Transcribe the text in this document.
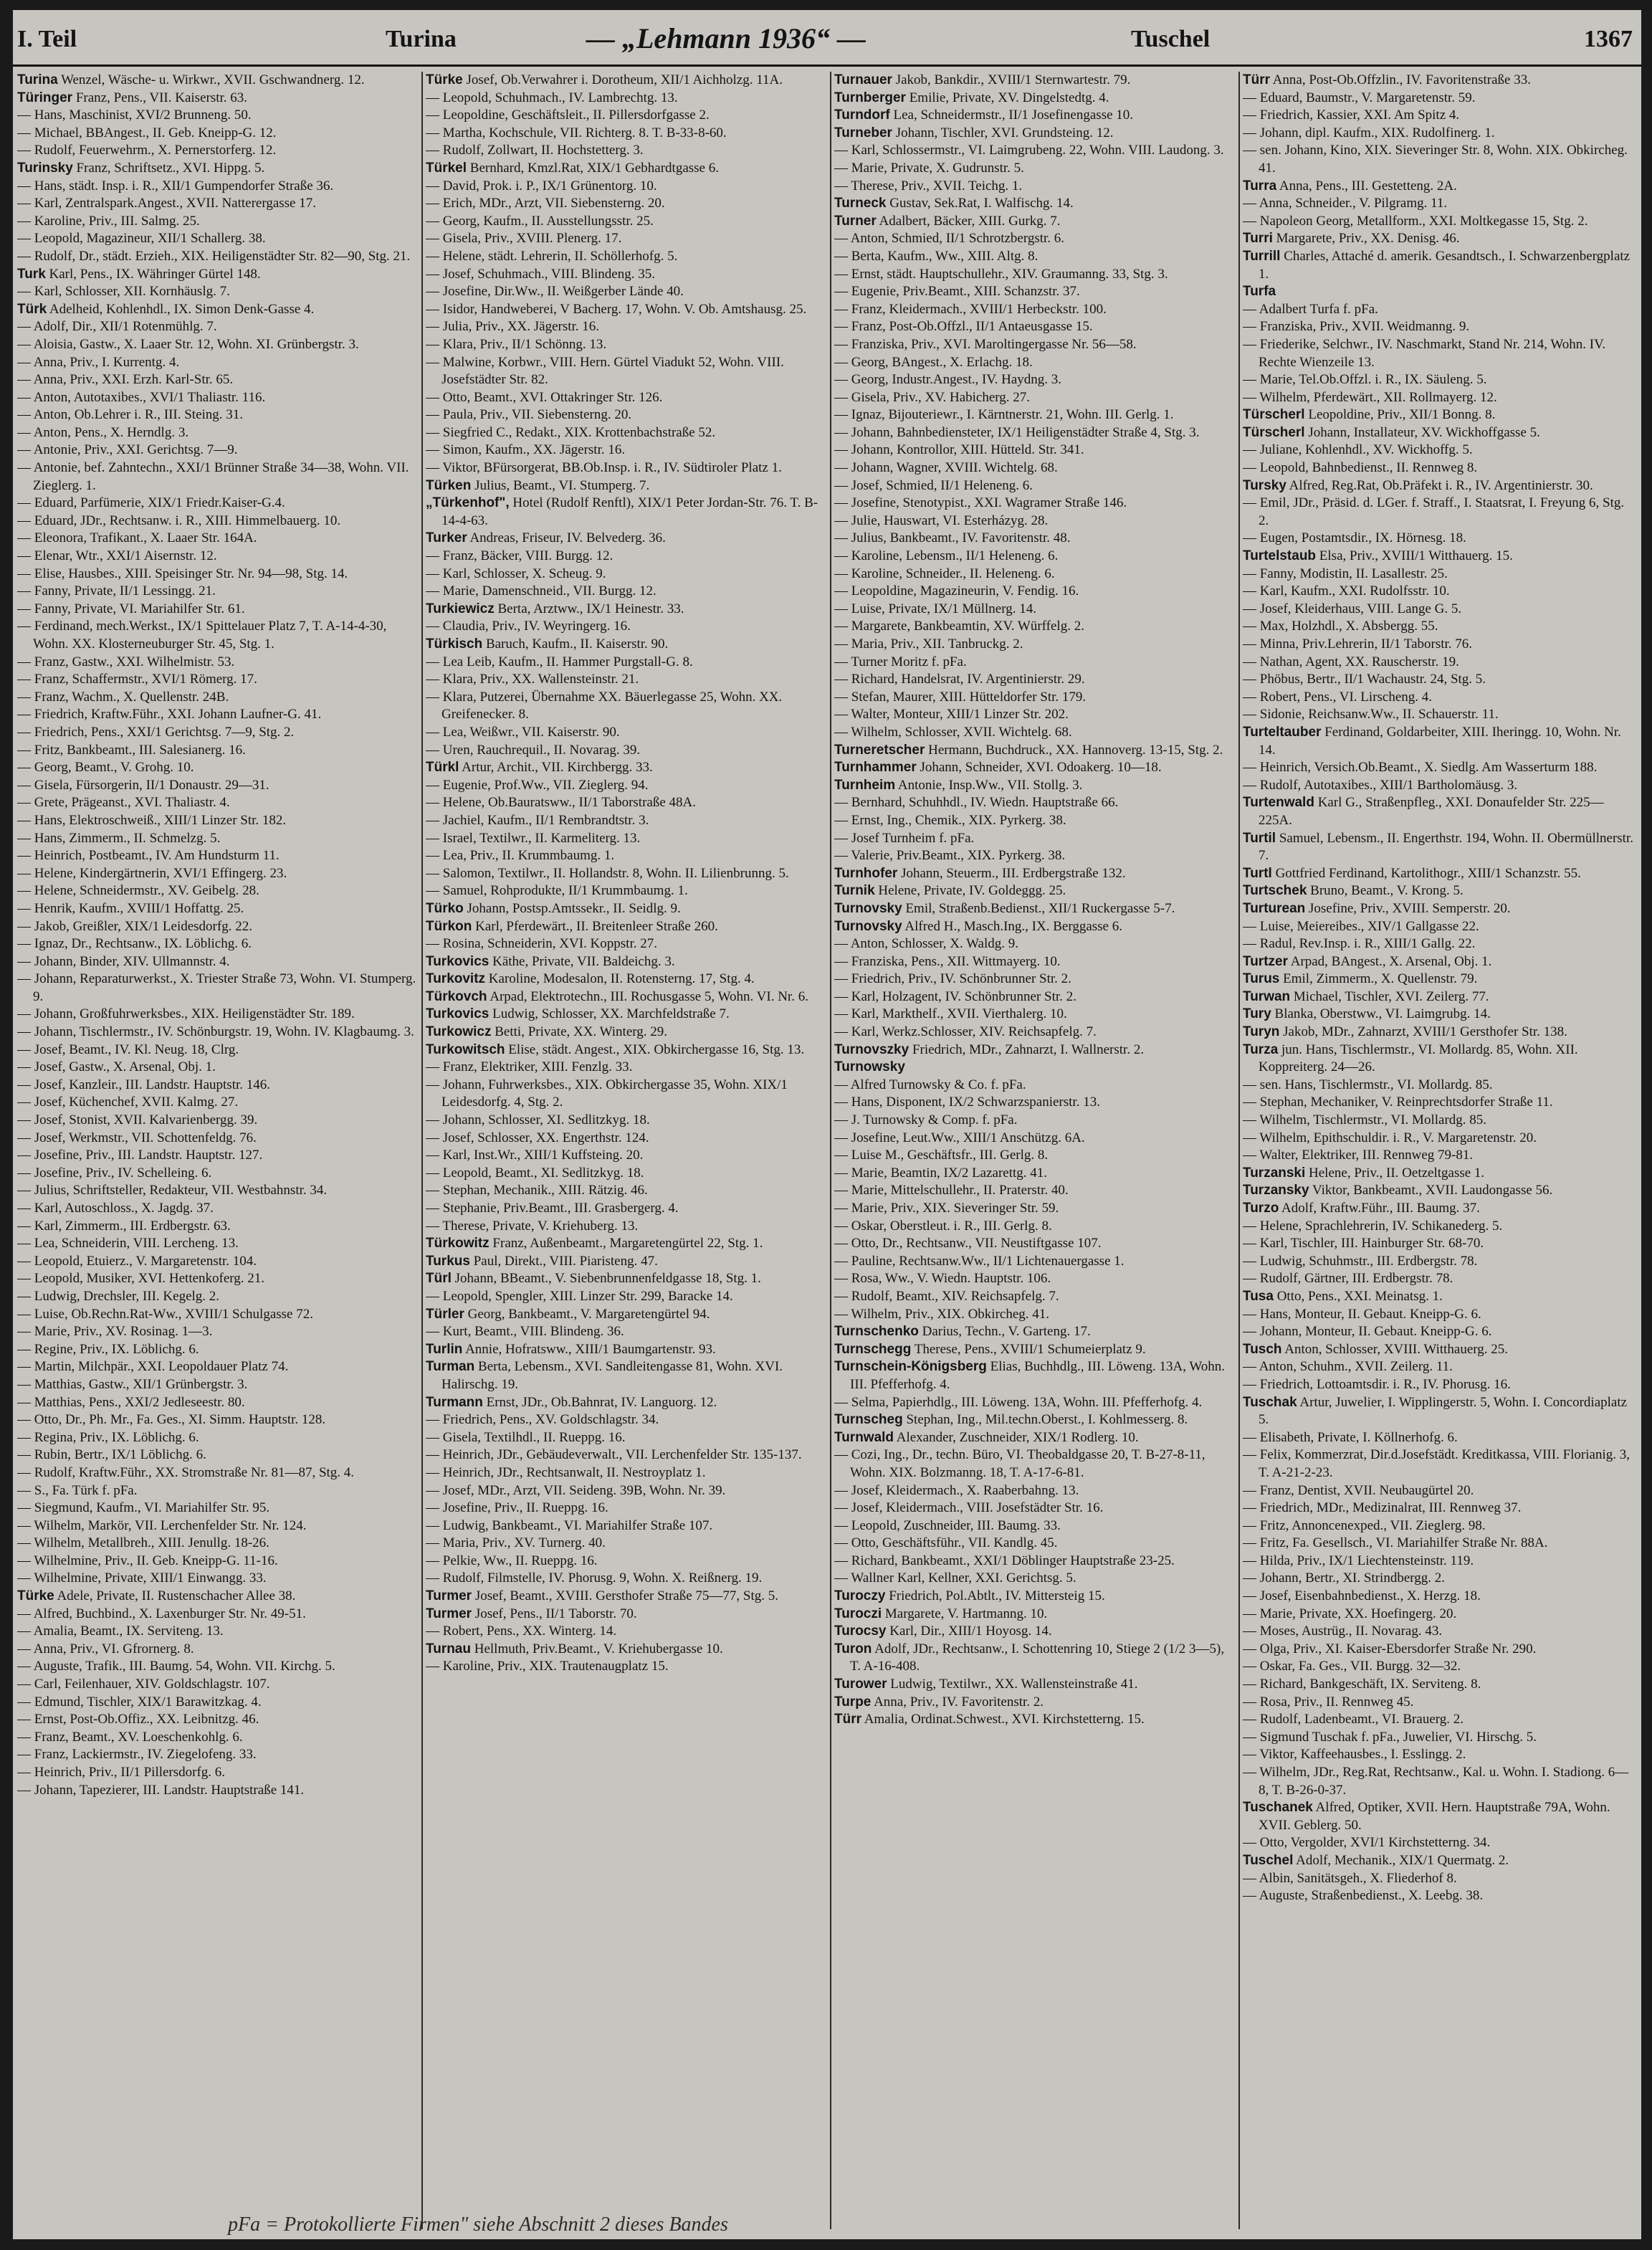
I. Teil	Turina	— „Lehmann 1936“ —	Tuschel	1367

Turina Wenzel, Wäsche- u. Wirkwr., XVII. Gschwandnerg. 12.

Türinger Franz, Pens., VII. Kaiserstr. 63.

— Hans, Maschinist, XVI/2 Brunneng. 50.

— Michael, BBAngest., II. Geb. Kneipp-G. 12.

— Rudolf, Feuerwehrm., X. Pernerstorferg. 12.

Turinsky Franz, Schriftsetz., XVI. Hippg. 5.

— Hans, städt. Insp. i. R., XII/1 Gumpendorfer Straße 36.

— Karl, Zentralspark.Angest., XVII. Natterergasse 17.

— Karoline, Priv., III. Salmg. 25.

— Leopold, Magazineur, XII/1 Schallerg. 38.

— Rudolf, Dr., städt. Erzieh., XIX. Heiligenstädter Str. 82—90, Stg. 21.

Turk Karl, Pens., IX. Währinger Gürtel 148.

— Karl, Schlosser, XII. Kornhäuslg. 7.

Türk Adelheid, Kohlenhdl., IX. Simon Denk-Gasse 4.

— Adolf, Dir., XII/1 Rotenmühlg. 7.

— Aloisia, Gastw., X. Laaer Str. 12, Wohn. XI. Grünbergstr. 3.

— Anna, Priv., I. Kurrentg. 4.

— Anna, Priv., XXI. Erzh. Karl-Str. 65.

— Anton, Autotaxibes., XVI/1 Thaliastr. 116.

— Anton, Ob.Lehrer i. R., III. Steing. 31.

— Anton, Pens., X. Herndlg. 3.

— Antonie, Priv., XXI. Gerichtsg. 7—9.

— Antonie, bef. Zahntechn., XXI/1 Brünner Straße 34—38, Wohn. VII. Zieglerg. 1.

— Eduard, Parfümerie, XIX/1 Friedr.Kaiser-G.4.

— Eduard, JDr., Rechtsanw. i. R., XIII. Himmelbauerg. 10.

— Eleonora, Trafikant., X. Laaer Str. 164A.

— Elenar, Wtr., XXI/1 Aisernstr. 12.

— Elise, Hausbes., XIII. Speisinger Str. Nr. 94—98, Stg. 14.

— Fanny, Private, II/1 Lessingg. 21.

— Fanny, Private, VI. Mariahilfer Str. 61.

— Ferdinand, mech.Werkst., IX/1 Spittelauer Platz 7, T. A-14-4-30, Wohn. XX. Klosterneuburger Str. 45, Stg. 1.

— Franz, Gastw., XXI. Wilhelmistr. 53.

— Franz, Schaffermstr., XVI/1 Römerg. 17.

— Franz, Wachm., X. Quellenstr. 24B.

— Friedrich, Kraftw.Führ., XXI. Johann Laufner-G. 41.

— Friedrich, Pens., XXI/1 Gerichtsg. 7—9, Stg. 2.

— Fritz, Bankbeamt., III. Salesianerg. 16.

— Georg, Beamt., V. Grohg. 10.

— Gisela, Fürsorgerin, II/1 Donaustr. 29—31.

— Grete, Prägeanst., XVI. Thaliastr. 4.

— Hans, Elektroschweiß., XIII/1 Linzer Str. 182.

— Hans, Zimmerm., II. Schmelzg. 5.

— Heinrich, Postbeamt., IV. Am Hundsturm 11.

— Helene, Kindergärtnerin, XVI/1 Effingerg. 23.

— Helene, Schneidermstr., XV. Geibelg. 28.

— Henrik, Kaufm., XVIII/1 Hoffattg. 25.

— Jakob, Greißler, XIX/1 Leidesdorfg. 22.

— Ignaz, Dr., Rechtsanw., IX. Löblichg. 6.

— Johann, Binder, XIV. Ullmannstr. 4.

— Johann, Reparaturwerkst., X. Triester Straße 73, Wohn. VI. Stumperg. 9.

— Johann, Großfuhrwerksbes., XIX. Heiligenstädter Str. 189.

— Johann, Tischlermstr., IV. Schönburgstr. 19, Wohn. IV. Klagbaumg. 3.

— Josef, Beamt., IV. Kl. Neug. 18, Clrg.

— Josef, Gastw., X. Arsenal, Obj. 1.

— Josef, Kanzleir., III. Landstr. Hauptstr. 146.

— Josef, Küchenchef, XVII. Kalmg. 27.

— Josef, Stonist, XVII. Kalvarienbergg. 39.

— Josef, Werkmstr., VII. Schottenfeldg. 76.

— Josefine, Priv., III. Landstr. Hauptstr. 127.

— Josefine, Priv., IV. Schelleing. 6.

— Julius, Schriftsteller, Redakteur, VII. Westbahnstr. 34.

— Karl, Autoschloss., X. Jagdg. 37.

— Karl, Zimmerm., III. Erdbergstr. 63.

— Lea, Schneiderin, VIII. Lercheng. 13.

— Leopold, Etuierz., V. Margaretenstr. 104.

— Leopold, Musiker, XVI. Hettenkoferg. 21.

— Ludwig, Drechsler, III. Kegelg. 2.

— Luise, Ob.Rechn.Rat-Ww., XVIII/1 Schulgasse 72.

— Marie, Priv., XV. Rosinag. 1—3.

— Regine, Priv., IX. Löblichg. 6.

— Martin, Milchpär., XXI. Leopoldauer Platz 74.

— Matthias, Gastw., XII/1 Grünbergstr. 3.

— Matthias, Pens., XXI/2 Jedleseestr. 80.

— Otto, Dr., Ph. Mr., Fa. Ges., XI. Simm. Hauptstr. 128.

— Regina, Priv., IX. Löblichg. 6.

— Rubin, Bertr., IX/1 Löblichg. 6.

— Rudolf, Kraftw.Führ., XX. Stromstraße Nr. 81—87, Stg. 4.

— S., Fa. Türk f. pFa.

— Siegmund, Kaufm., VI. Mariahilfer Str. 95.

— Wilhelm, Markör, VII. Lerchenfelder Str. Nr. 124.

— Wilhelm, Metallbreh., XIII. Jenullg. 18-26.

— Wilhelmine, Priv., II. Geb. Kneipp-G. 11-16.

— Wilhelmine, Private, XIII/1 Einwangg. 33.

Türke Adele, Private, II. Rustenschacher Allee 38.

— Alfred, Buchbind., X. Laxenburger Str. Nr. 49-51.

— Amalia, Beamt., IX. Serviteng. 13.

— Anna, Priv., VI. Gfrornerg. 8.

— Auguste, Trafik., III. Baumg. 54, Wohn. VII. Kirchg. 5.

— Carl, Feilenhauer, XIV. Goldschlagstr. 107.

— Edmund, Tischler, XIX/1 Barawitzkag. 4.

— Ernst, Post-Ob.Offiz., XX. Leibnitzg. 46.

— Franz, Beamt., XV. Loeschenkohlg. 6.

— Franz, Lackiermstr., IV. Ziegelofeng. 33.

— Heinrich, Priv., II/1 Pillersdorfg. 6.

— Johann, Tapezierer, III. Landstr. Hauptstraße 141.

Türke Josef, Ob.Verwahrer i. Dorotheum, XII/1 Aichholzg. 11A.

— Leopold, Schuhmach., IV. Lambrechtg. 13.

— Leopoldine, Geschäftsleit., II. Pillersdorfgasse 2.

— Martha, Kochschule, VII. Richterg. 8. T. B-33-8-60.

— Rudolf, Zollwart, II. Hochstetterg. 3.

Türkel Bernhard, Kmzl.Rat, XIX/1 Gebhardtgasse 6.

— David, Prok. i. P., IX/1 Grünentorg. 10.

— Erich, MDr., Arzt, VII. Siebensterng. 20.

— Georg, Kaufm., II. Ausstellungsstr. 25.

— Gisela, Priv., XVIII. Plenerg. 17.

— Helene, städt. Lehrerin, II. Schöllerhofg. 5.

— Josef, Schuhmach., VIII. Blindeng. 35.

— Josefine, Dir.Ww., II. Weißgerber Lände 40.

— Isidor, Handweberei, V Bacherg. 17, Wohn. V. Ob. Amtshausg. 25.

— Julia, Priv., XX. Jägerstr. 16.

— Klara, Priv., II/1 Schönng. 13.

— Malwine, Korbwr., VIII. Hern. Gürtel Viadukt 52, Wohn. VIII. Josefstädter Str. 82.

— Otto, Beamt., XVI. Ottakringer Str. 126.

— Paula, Priv., VII. Siebensterng. 20.

— Siegfried C., Redakt., XIX. Krottenbachstraße 52.

— Simon, Kaufm., XX. Jägerstr. 16.

— Viktor, BFürsorgerat, BB.Ob.Insp. i. R., IV. Südtiroler Platz 1.

Türken Julius, Beamt., VI. Stumperg. 7.

„Türkenhof", Hotel (Rudolf Renftl), XIX/1 Peter Jordan-Str. 76. T. B-14-4-63.

Turker Andreas, Friseur, IV. Belvederg. 36.

— Franz, Bäcker, VIII. Burgg. 12.

— Karl, Schlosser, X. Scheug. 9.

— Marie, Damenschneid., VII. Burgg. 12.

Turkiewicz Berta, Arztww., IX/1 Heinestr. 33.

— Claudia, Priv., IV. Weyringerg. 16.

Türkisch Baruch, Kaufm., II. Kaiserstr. 90.

— Lea Leib, Kaufm., II. Hammer Purgstall-G. 8.

— Klara, Priv., XX. Wallensteinstr. 21.

— Klara, Putzerei, Übernahme XX. Bäuerlegasse 25, Wohn. XX. Greifenecker. 8.

— Lea, Weißwr., VII. Kaiserstr. 90.

— Uren, Rauchrequil., II. Novarag. 39.

Türkl Artur, Archit., VII. Kirchbergg. 33.

— Eugenie, Prof.Ww., VII. Zieglerg. 94.

— Helene, Ob.Bauratsww., II/1 Taborstraße 48A.

— Jachiel, Kaufm., II/1 Rembrandtstr. 3.

— Israel, Textilwr., II. Karmeliterg. 13.

— Lea, Priv., II. Krummbaumg. 1.

— Salomon, Textilwr., II. Hollandstr. 8, Wohn. II. Lilienbrunng. 5.

— Samuel, Rohprodukte, II/1 Krummbaumg. 1.

Türko Johann, Postsp.Amtssekr., II. Seidlg. 9.

Türkon Karl, Pferdewärt., II. Breitenleer Straße 260.

— Rosina, Schneiderin, XVI. Koppstr. 27.

Turkovics Käthe, Private, VII. Baldeichg. 3.

Turkovitz Karoline, Modesalon, II. Rotensterng. 17, Stg. 4.

Türkovch Arpad, Elektrotechn., III. Rochusgasse 5, Wohn. VI. Nr. 6.

Turkovics Ludwig, Schlosser, XX. Marchfeldstraße 7.

Turkowicz Betti, Private, XX. Winterg. 29.

Turkowitsch Elise, städt. Angest., XIX. Obkirchergasse 16, Stg. 13.

— Franz, Elektriker, XIII. Fenzlg. 33.

— Johann, Fuhrwerksbes., XIX. Obkirchergasse 35, Wohn. XIX/1 Leidesdorfg. 4, Stg. 2.

— Johann, Schlosser, XI. Sedlitzkyg. 18.

— Josef, Schlosser, XX. Engerthstr. 124.

— Karl, Inst.Wr., XIII/1 Kuffsteing. 20.

— Leopold, Beamt., XI. Sedlitzkyg. 18.

— Stephan, Mechanik., XIII. Rätzig. 46.

— Stephanie, Priv.Beamt., III. Grasbergerg. 4.

— Therese, Private, V. Kriehuberg. 13.

Türkowitz Franz, Außenbeamt., Margaretengürtel 22, Stg. 1.

Turkus Paul, Direkt., VIII. Piaristeng. 47.

Türl Johann, BBeamt., V. Siebenbrunnenfeldgasse 18, Stg. 1.

— Leopold, Spengler, XIII. Linzer Str. 299, Baracke 14.

Türler Georg, Bankbeamt., V. Margaretengürtel 94.

— Kurt, Beamt., VIII. Blindeng. 36.

Turlin Annie, Hofratsww., XIII/1 Baumgartenstr. 93.

Turman Berta, Lebensm., XVI. Sandleitengasse 81, Wohn. XVI. Halirschg. 19.

Turmann Ernst, JDr., Ob.Bahnrat, IV. Languorg. 12.

— Friedrich, Pens., XV. Goldschlagstr. 34.

— Gisela, Textilhdl., II. Rueppg. 16.

— Heinrich, JDr., Gebäudeverwalt., VII. Lerchenfelder Str. 135-137.

— Heinrich, JDr., Rechtsanwalt, II. Nestroyplatz 1.

— Josef, MDr., Arzt, VII. Seideng. 39B, Wohn. Nr. 39.

— Josefine, Priv., II. Rueppg. 16.

— Ludwig, Bankbeamt., VI. Mariahilfer Straße 107.

— Maria, Priv., XV. Turnerg. 40.

— Pelkie, Ww., II. Rueppg. 16.

— Rudolf, Filmstelle, IV. Phorusg. 9, Wohn. X. Reißnerg. 19.

Turmer Josef, Beamt., XVIII. Gersthofer Straße 75—77, Stg. 5.

Turmer Josef, Pens., II/1 Taborstr. 70.

— Robert, Pens., XX. Winterg. 14.

Turnau Hellmuth, Priv.Beamt., V. Kriehubergasse 10.

— Karoline, Priv., XIX. Trautenaugplatz 15.

Turnauer Jakob, Bankdir., XVIII/1 Sternwartestr. 79.

Turnberger Emilie, Private, XV. Dingelstedtg. 4.

Turndorf Lea, Schneidermstr., II/1 Josefinengasse 10.

Turneber Johann, Tischler, XVI. Grundsteing. 12.

— Karl, Schlossermstr., VI. Laimgrubeng. 22, Wohn. VIII. Laudong. 3.

— Marie, Private, X. Gudrunstr. 5.

— Therese, Priv., XVII. Teichg. 1.

Turneck Gustav, Sek.Rat, I. Walfischg. 14.

Turner Adalbert, Bäcker, XIII. Gurkg. 7.

— Anton, Schmied, II/1 Schrotzbergstr. 6.

— Berta, Kaufm., Ww., XIII. Altg. 8.

— Ernst, städt. Hauptschullehr., XIV. Graumanng. 33, Stg. 3.

— Eugenie, Priv.Beamt., XIII. Schanzstr. 37.

— Franz, Kleidermach., XVIII/1 Herbeckstr. 100.

— Franz, Post-Ob.Offzl., II/1 Antaeusgasse 15.

— Franziska, Priv., XVI. Maroltingergasse Nr. 56—58.

— Georg, BAngest., X. Erlachg. 18.

— Georg, Industr.Angest., IV. Haydng. 3.

— Gisela, Priv., XV. Habicherg. 27.

— Ignaz, Bijouteriewr., I. Kärntnerstr. 21, Wohn. III. Gerlg. 1.

— Johann, Bahnbediensteter, IX/1 Heiligenstädter Straße 4, Stg. 3.

— Johann, Kontrollor, XIII. Hütteld. Str. 341.

— Johann, Wagner, XVIII. Wichtelg. 68.

— Josef, Schmied, II/1 Heleneng. 6.

— Josefine, Stenotypist., XXI. Wagramer Straße 146.

— Julie, Hauswart, VI. Esterházyg. 28.

— Julius, Bankbeamt., IV. Favoritenstr. 48.

— Karoline, Lebensm., II/1 Heleneng. 6.

— Karoline, Schneider., II. Heleneng. 6.

— Leopoldine, Magazineurin, V. Fendig. 16.

— Luise, Private, IX/1 Müllnerg. 14.

— Margarete, Bankbeamtin, XV. Würffelg. 2.

— Maria, Priv., XII. Tanbruckg. 2.

— Turner Moritz f. pFa.

— Richard, Handelsrat, IV. Argentinierstr. 29.

— Stefan, Maurer, XIII. Hütteldorfer Str. 179.

— Walter, Monteur, XIII/1 Linzer Str. 202.

— Wilhelm, Schlosser, XVII. Wichtelg. 68.

Turneretscher Hermann, Buchdruck., XX. Hannoverg. 13-15, Stg. 2.

Turnhammer Johann, Schneider, XVI. Odoakerg. 10—18.

Turnheim Antonie, Insp.Ww., VII. Stollg. 3.

— Bernhard, Schuhhdl., IV. Wiedn. Hauptstraße 66.

— Ernst, Ing., Chemik., XIX. Pyrkerg. 38.

— Josef Turnheim f. pFa.

— Valerie, Priv.Beamt., XIX. Pyrkerg. 38.

Turnhofer Johann, Steuerm., III. Erdbergstraße 132.

Turnik Helene, Private, IV. Goldeggg. 25.

Turnovsky Emil, Straßenb.Bedienst., XII/1 Ruckergasse 5-7.

Turnovsky Alfred H., Masch.Ing., IX. Berggasse 6.

— Anton, Schlosser, X. Waldg. 9.

— Franziska, Pens., XII. Wittmayerg. 10.

— Friedrich, Priv., IV. Schönbrunner Str. 2.

— Karl, Holzagent, IV. Schönbrunner Str. 2.

— Karl, Markthelf., XVII. Vierthalerg. 10.

— Karl, Werkz.Schlosser, XIV. Reichsapfelg. 7.

Turnovszky Friedrich, MDr., Zahnarzt, I. Wallnerstr. 2.

Turnowsky

— Alfred Turnowsky & Co. f. pFa.

— Hans, Disponent, IX/2 Schwarzspanierstr. 13.

— J. Turnowsky & Comp. f. pFa.

— Josefine, Leut.Ww., XIII/1 Anschützg. 6A.

— Luise M., Geschäftsfr., III. Gerlg. 8.

— Marie, Beamtin, IX/2 Lazarettg. 41.

— Marie, Mittelschullehr., II. Praterstr. 40.

— Marie, Priv., XIX. Sieveringer Str. 59.

— Oskar, Oberstleut. i. R., III. Gerlg. 8.

— Otto, Dr., Rechtsanw., VII. Neustiftgasse 107.

— Pauline, Rechtsanw.Ww., II/1 Lichtenauergasse 1.

— Rosa, Ww., V. Wiedn. Hauptstr. 106.

— Rudolf, Beamt., XIV. Reichsapfelg. 7.

— Wilhelm, Priv., XIX. Obkircheg. 41.

Turnschenko Darius, Techn., V. Garteng. 17.

Turnschegg Therese, Pens., XVIII/1 Schumeierplatz 9.

Turnschein-Königsberg Elias, Buchhdlg., III. Löweng. 13A, Wohn. III. Pfefferhofg. 4.

— Selma, Papierhdlg., III. Löweng. 13A, Wohn. III. Pfefferhofg. 4.

Turnscheg Stephan, Ing., Mil.techn.Oberst., I. Kohlmesserg. 8.

Turnwald Alexander, Zuschneider, XIX/1 Rodlerg. 10.

— Cozi, Ing., Dr., techn. Büro, VI. Theobaldgasse 20, T. B-27-8-11, Wohn. XIX. Bolzmanng. 18, T. A-17-6-81.

— Josef, Kleidermach., X. Raaberbahng. 13.

— Josef, Kleidermach., VIII. Josefstädter Str. 16.

— Leopold, Zuschneider, III. Baumg. 33.

— Otto, Geschäftsführ., VII. Kandlg. 45.

— Richard, Bankbeamt., XXI/1 Döblinger Hauptstraße 23-25.

— Wallner Karl, Kellner, XXI. Gerichtsg. 5.

Turoczy Friedrich, Pol.Abtlt., IV. Mittersteig 15.

Turoczi Margarete, V. Hartmanng. 10.

Turocsy Karl, Dir., XIII/1 Hoyosg. 14.

Turon Adolf, JDr., Rechtsanw., I. Schottenring 10, Stiege 2 (1/2 3—5), T. A-16-408.

Turower Ludwig, Textilwr., XX. Wallensteinstraße 41.

Turpe Anna, Priv., IV. Favoritenstr. 2.

Türr Amalia, Ordinat.Schwest., XVI. Kirchstetterng. 15.

Türr Anna, Post-Ob.Offzlin., IV. Favoritenstraße 33.

— Eduard, Baumstr., V. Margaretenstr. 59.

— Friedrich, Kassier, XXI. Am Spitz 4.

— Johann, dipl. Kaufm., XIX. Rudolfinerg. 1.

— sen. Johann, Kino, XIX. Sieveringer Str. 8, Wohn. XIX. Obkircheg. 41.

Turra Anna, Pens., III. Gestetteng. 2A.

— Anna, Schneider., V. Pilgramg. 11.

— Napoleon Georg, Metallform., XXI. Moltkegasse 15, Stg. 2.

Turri Margarete, Priv., XX. Denisg. 46.

Turrill Charles, Attaché d. amerik. Gesandtsch., I. Schwarzenbergplatz 1.

Turfa

— Adalbert Turfa f. pFa.

— Franziska, Priv., XVII. Weidmanng. 9.

— Friederike, Selchwr., IV. Naschmarkt, Stand Nr. 214, Wohn. IV. Rechte Wienzeile 13.

— Marie, Tel.Ob.Offzl. i. R., IX. Säuleng. 5.

— Wilhelm, Pferdewärt., XII. Rollmayerg. 12.

Türscherl Leopoldine, Priv., XII/1 Bonng. 8.

Türscherl Johann, Installateur, XV. Wickhoffgasse 5.

— Juliane, Kohlenhdl., XV. Wickhoffg. 5.

— Leopold, Bahnbedienst., II. Rennweg 8.

Tursky Alfred, Reg.Rat, Ob.Präfekt i. R., IV. Argentinierstr. 30.

— Emil, JDr., Präsid. d. LGer. f. Straff., I. Staatsrat, I. Freyung 6, Stg. 2.

— Eugen, Postamtsdir., IX. Hörnesg. 18.

Turtelstaub Elsa, Priv., XVIII/1 Witthauerg. 15.

— Fanny, Modistin, II. Lasallestr. 25.

— Karl, Kaufm., XXI. Rudolfsstr. 10.

— Josef, Kleiderhaus, VIII. Lange G. 5.

— Max, Holzhdl., X. Absbergg. 55.

— Minna, Priv.Lehrerin, II/1 Taborstr. 76.

— Nathan, Agent, XX. Rauscherstr. 19.

— Phöbus, Bertr., II/1 Wachaustr. 24, Stg. 5.

— Robert, Pens., VI. Lirscheng. 4.

— Sidonie, Reichsanw.Ww., II. Schauerstr. 11.

Turteltauber Ferdinand, Goldarbeiter, XIII. Iheringg. 10, Wohn. Nr. 14.

— Heinrich, Versich.Ob.Beamt., X. Siedlg. Am Wasserturm 188.

— Rudolf, Autotaxibes., XIII/1 Bartholomäusg. 3.

Turtenwald Karl G., Straßenpfleg., XXI. Donaufelder Str. 225—225A.

Turtil Samuel, Lebensm., II. Engerthstr. 194, Wohn. II. Obermüllnerstr. 7.

Turtl Gottfried Ferdinand, Kartolithogr., XIII/1 Schanzstr. 55.

Turtschek Bruno, Beamt., V. Krong. 5.

Turturean Josefine, Priv., XVIII. Semperstr. 20.

— Luise, Meiereibes., XIV/1 Gallgasse 22.

— Radul, Rev.Insp. i. R., XIII/1 Gallg. 22.

Turtzer Arpad, BAngest., X. Arsenal, Obj. 1.

Turus Emil, Zimmerm., X. Quellenstr. 79.

Turwan Michael, Tischler, XVI. Zeilerg. 77.

Tury Blanka, Oberstww., VI. Laimgrubg. 14.

Turyn Jakob, MDr., Zahnarzt, XVIII/1 Gersthofer Str. 138.

Turza jun. Hans, Tischlermstr., VI. Mollardg. 85, Wohn. XII. Koppreiterg. 24—26.

— sen. Hans, Tischlermstr., VI. Mollardg. 85.

— Stephan, Mechaniker, V. Reinprechtsdorfer Straße 11.

— Wilhelm, Tischlermstr., VI. Mollardg. 85.

— Wilhelm, Epithschuldir. i. R., V. Margaretenstr. 20.

— Walter, Elektriker, III. Rennweg 79-81.

Turzanski Helene, Priv., II. Oetzeltgasse 1.

Turzansky Viktor, Bankbeamt., XVII. Laudongasse 56.

Turzo Adolf, Kraftw.Führ., III. Baumg. 37.

— Helene, Sprachlehrerin, IV. Schikanederg. 5.

— Karl, Tischler, III. Hainburger Str. 68-70.

— Ludwig, Schuhmstr., III. Erdbergstr. 78.

— Rudolf, Gärtner, III. Erdbergstr. 78.

Tusa Otto, Pens., XXI. Meinatsg. 1.

— Hans, Monteur, II. Gebaut. Kneipp-G. 6.

— Johann, Monteur, II. Gebaut. Kneipp-G. 6.

Tusch Anton, Schlosser, XVIII. Witthauerg. 25.

— Anton, Schuhm., XVII. Zeilerg. 11.

— Friedrich, Lottoamtsdir. i. R., IV. Phorusg. 16.

Tuschak Artur, Juwelier, I. Wipplingerstr. 5, Wohn. I. Concordiaplatz 5.

— Elisabeth, Private, I. Köllnerhofg. 6.

— Felix, Kommerzrat, Dir.d.Josefstädt. Kreditkassa, VIII. Florianig. 3, T. A-21-2-23.

— Franz, Dentist, XVII. Neubaugürtel 20.

— Friedrich, MDr., Medizinalrat, III. Rennweg 37.

— Fritz, Annoncenexped., VII. Zieglerg. 98.

— Fritz, Fa. Gesellsch., VI. Mariahilfer Straße Nr. 88A.

— Hilda, Priv., IX/1 Liechtensteinstr. 119.

— Johann, Bertr., XI. Strindbergg. 2.

— Josef, Eisenbahnbedienst., X. Herzg. 18.

— Marie, Private, XX. Hoefingerg. 20.

— Moses, Austrüg., II. Novarag. 43.

— Olga, Priv., XI. Kaiser-Ebersdorfer Straße Nr. 290.

— Oskar, Fa. Ges., VII. Burgg. 32—32.

— Richard, Bankgeschäft, IX. Serviteng. 8.

— Rosa, Priv., II. Rennweg 45.

— Rudolf, Ladenbeamt., VI. Brauerg. 2.

— Sigmund Tuschak f. pFa., Juwelier, VI. Hirschg. 5.

— Viktor, Kaffeehausbes., I. Esslingg. 2.

— Wilhelm, JDr., Reg.Rat, Rechtsanw., Kal. u. Wohn. I. Stadiong. 6—8, T. B-26-0-37.

Tuschanek Alfred, Optiker, XVII. Hern. Hauptstraße 79A, Wohn. XVII. Geblerg. 50.

— Otto, Vergolder, XVI/1 Kirchstetterng. 34.

Tuschel Adolf, Mechanik., XIX/1 Quermatg. 2.

— Albin, Sanitätsgeh., X. Fliederhof 8.

— Auguste, Straßenbedienst., X. Leebg. 38.

pFa = Protokollierte Firmen" siehe Abschnitt 2 dieses Bandes
